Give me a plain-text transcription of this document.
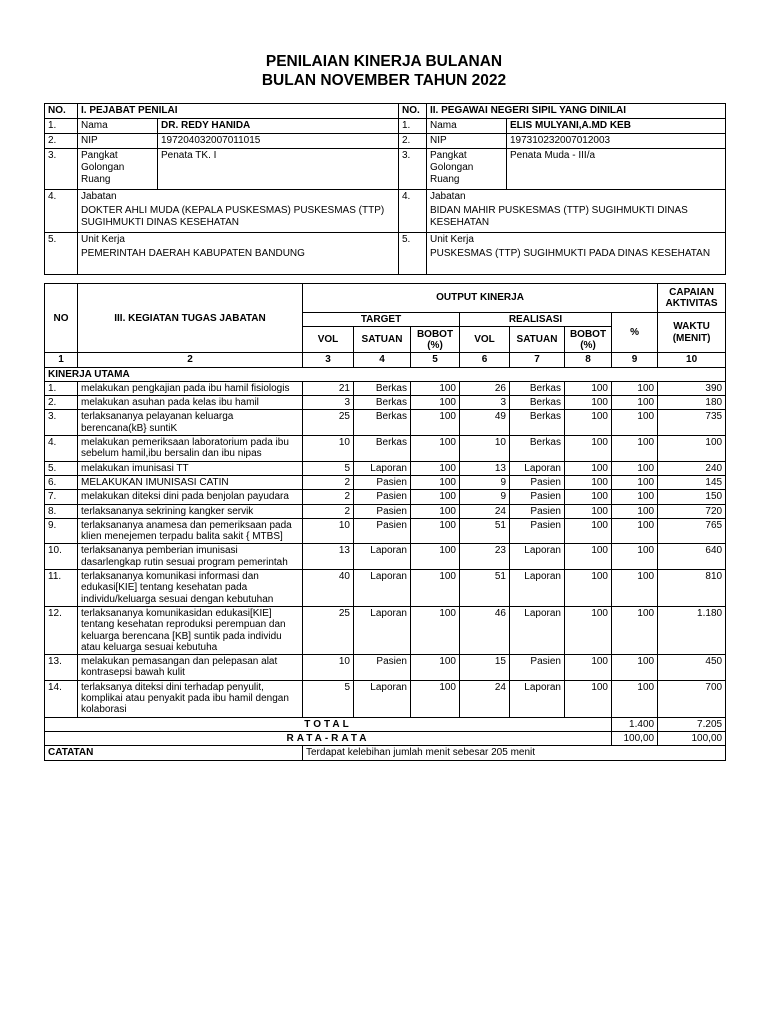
PENILAIAN KINERJA BULANAN
BULAN NOVEMBER TAHUN 2022
NO.	I. PEJABAT PENILAI		NO.	II. PEGAWAI NEGERI SIPIL YANG DINILAI	
1.	Nama	DR. REDY HANIDA	1.	Nama	ELIS MULYANI,A.MD KEB
2.	NIP	197204032007011015	2.	NIP	197310232007012003
3.	Pangkat Golongan Ruang	Penata TK. I	3.	Pangkat Golongan Ruang	Penata Muda - III/a
4.	Jabatan		4.	Jabatan	
	DOKTER AHLI MUDA (KEPALA PUSKESMAS) PUSKESMAS (TTP) SUGIHMUKTI DINAS KESEHATAN			BIDAN MAHIR PUSKESMAS (TTP) SUGIHMUKTI DINAS KESEHATAN	
5.	Unit Kerja		5.	Unit Kerja	
	PEMERINTAH DAERAH KABUPATEN BANDUNG			PUSKESMAS (TTP) SUGIHMUKTI PADA DINAS KESEHATAN	
NO	III. KEGIATAN TUGAS JABATAN	OUTPUT KINERJA							CAPAIAN AKTIVITAS
		TARGET			REALISASI			%	WAKTU (MENIT)
		VOL	SATUAN	BOBOT (%)	VOL	SATUAN	BOBOT (%)		
1	2	3	4	5	6	7	8	9	10
KINERJA UTAMA									
1.	melakukan pengkajian pada ibu hamil fisiologis	21	Berkas	100	26	Berkas	100	100	390
2.	melakukan asuhan pada kelas ibu hamil	3	Berkas	100	3	Berkas	100	100	180
3.	terlaksananya pelayanan keluarga berencana(kB} suntiK	25	Berkas	100	49	Berkas	100	100	735
4.	melakukan pemeriksaan laboratorium pada ibu sebelum hamil,ibu bersalin dan ibu nipas	10	Berkas	100	10	Berkas	100	100	100
5.	melakukan imunisasi TT	5	Laporan	100	13	Laporan	100	100	240
6.	MELAKUKAN IMUNISASI CATIN	2	Pasien	100	9	Pasien	100	100	145
7.	melakukan diteksi dini pada benjolan payudara	2	Pasien	100	9	Pasien	100	100	150
8.	terlaksananya sekrining kangker servik	2	Pasien	100	24	Pasien	100	100	720
9.	terlaksananya anamesa dan pemeriksaan pada klien menejemen terpadu balita sakit { MTBS]	10	Pasien	100	51	Pasien	100	100	765
10.	terlaksananya pemberian imunisasi dasarlengkap rutin sesuai program pemerintah	13	Laporan	100	23	Laporan	100	100	640
11.	terlaksananya komunikasi informasi dan edukasi[KIE] tentang kesehatan pada individu/keluarga sesuai dengan kebutuhan	40	Laporan	100	51	Laporan	100	100	810
12.	terlaksananya komunikasidan edukasi[KIE] tentang kesehatan reproduksi perempuan dan keluarga berencana [KB] suntik pada individu atau keluarga sesuai kebutuha	25	Laporan	100	46	Laporan	100	100	1.180
13.	melakukan pemasangan dan pelepasan alat kontrasepsi bawah kulit	10	Pasien	100	15	Pasien	100	100	450
14.	terlaksanya diteksi dini terhadap penyulit, komplikai atau penyakit pada ibu hamil dengan kolaborasi	5	Laporan	100	24	Laporan	100	100	700
TOTAL								1.400	7.205
RATA-RATA								100,00	100,00
CATATAN		Terdapat kelebihan jumlah menit sebesar 205 menit							
